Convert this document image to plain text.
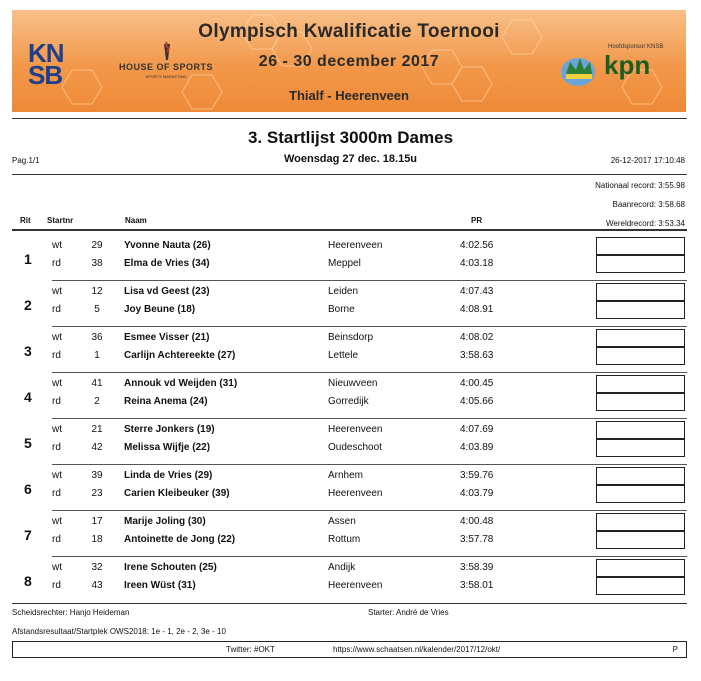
KN
SB	HOUSE OF SPORTS
SPORTS MARKETING
Olympisch Kwalificatie Toernooi
26 - 30 december 2017
Thialf - Heerenveen
Hoofdsponsor KNSB
kpn
3. Startlijst 3000m Dames
Pag.1/1	Woensdag 27 dec. 18.15u	26-12-2017 17:10:48
Nationaal record: 3:55.98
Baanrecord: 3:58.68
Wereldrecord: 3:53.34
Rit Startnr	Naam	PR
1
wt	29	Yvonne Nauta (26)	Heerenveen	4:02.56
rd	38	Elma de Vries (34)	Meppel	4:03.18
2
wt	12	Lisa vd Geest (23)	Leiden	4:07.43
rd	5	Joy Beune (18)	Borne	4:08.91
3
wt	36	Esmee Visser (21)	Beinsdorp	4:08.02
rd	1	Carlijn Achtereekte (27)	Lettele	3:58.63
4
wt	41	Annouk vd Weijden (31)	Nieuwveen	4:00.45
rd	2	Reina Anema (24)	Gorredijk	4:05.66
5
wt	21	Sterre Jonkers (19)	Heerenveen	4:07.69
rd	42	Melissa Wijfje (22)	Oudeschoot	4:03.89
6
wt	39	Linda de Vries (29)	Arnhem	3:59.76
rd	23	Carien Kleibeuker (39)	Heerenveen	4:03.79
7
wt	17	Marije Joling (30)	Assen	4:00.48
rd	18	Antoinette de Jong (22)	Rottum	3:57.78
8
wt	32	Irene Schouten (25)	Andijk	3:58.39
rd	43	Ireen Wüst (31)	Heerenveen	3:58.01
Scheidsrechter: Hanjo Heideman	Starter: André de Vries
Afstandsresultaat/Startplek OWS2018: 1e - 1, 2e - 2, 3e - 10
Twitter: #OKT	https://www.schaatsen.nl/kalender/2017/12/okt/	P
